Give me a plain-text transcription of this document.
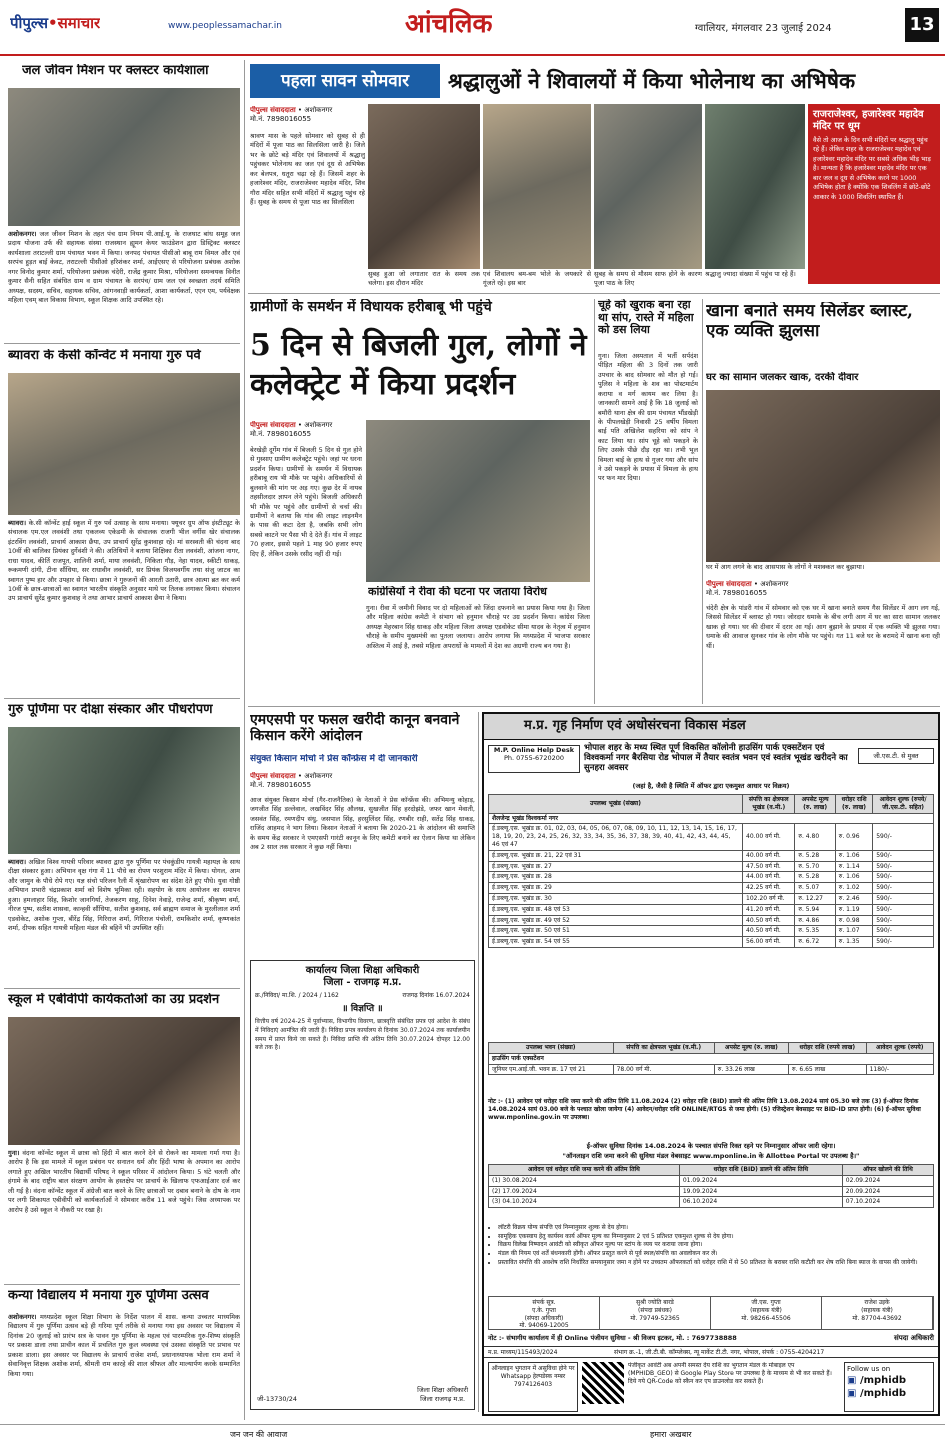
पीपुल्स•समाचार	www.peoplessamachar.in	आंचलिक	ग्वालियर, मंगलवार 23 जुलाई 2024	13
जल जीवन मिशन पर क्लस्टर कार्यशाला
अशोकनगर। जल जीवन मिशन के तहत पंच ग्राम नियम पी.आई.यू. के राजघाट बांध समूह जल प्रदाय योजना उर्फ की सहायक संस्था राजस्थान ह्यूमन केयर फाउंडेशन द्वारा डिस्ट्रिक्ट क्लस्टर कार्यशाला तराटल्ली ग्राम पंचायत भवन में किया। जनपद पंचायत पीसीओ बाबू राम विमल और एवं सरपंच हुड़त बाई केवट, तराटल्ली पीसीओ हरिशंकर शर्मा, आईएसए से परियोजना प्रबंधक अशोक नगर विनोद कुमार शर्मा, परियोजना प्रबंधक चंदेरी, राजेंद्र कुमार मिश्रा, परियोजना समन्वयक विनीत कुमार सैनी सहित संबंधित ग्राम व ग्राम पंचायत के सरपंच/ ग्राम जल एवं स्वच्छता तदर्थ समिति अध्यक्ष, सदस्य, सचिव, सहायक सचिव, आंगनवाड़ी कार्यकर्ता, आशा कार्यकर्ता, एएन एम, पर्यवेक्षक महिला एवम् बाल विकास विभाग, स्कूल शिक्षक आदि उपस्थित रहे।
ब्यावरा के केसी कॉन्वेंट में मनाया गुरु पर्व
ब्यावरा। के.सी कॉन्वेंट हाई स्कूल में गुरु पर्व उत्साह के साथ मनाया। फ्यूचर ग्रुप ऑफ इंस्टीट्यूट के संचालक एम.एल लववंशी तथा एकलव्य एकेडमी के संचालक राजगी भील वर्गीस खेर संचालक इंटरविंग लववंशी, प्राचार्य आकाश छैया, उप प्राचार्य सुरेंद्र कुशवाहा रहे। मां सरस्वती की चंदना बाद 10वीं की बालिका प्रियंका दुर्गेवंशी ने की। अतिथियों ने बताया शिक्षिका रीता लववंशी, आंजना नागर, राधा यादव, कीर्ति राजपूत, शालिनी शर्मा, माया लववंशी, निकिता गौड़, नेहा यादव, स्कीटी धाकड़, रूकमणी दांगी, टीना सौंधिया, सर राधावीन लववंशी, सर प्रियंक विजयवर्गीय तथा संजु जाटव का स्वागत पुष्प हार और उपहार से किया। छात्रा ने गुरुजनों की आरती उतारी, छात्र आत्मा ब्रत कर कर्म 10वीं के छात्र-छात्राओं का स्वागत भारतीय संस्कृति अनुसार माथे पर तिलक लगाकर किया। संचालन उप प्राचार्य सुरेंद्र कुमार कुशवाह ने तथा आभार प्राचार्य आकाश छैया ने किया।
गुरु पूर्णिमा पर दीक्षा संस्कार और पौधरोपण
ब्यावरा। अखिल विश्व गायत्री परिवार ब्यावरा द्वारा गुरु पूर्णिमा पर पंचकुंडीय गायत्री महायज्ञ के साथ दीक्षा संस्कार हुआ। अभियान वृक्ष गंगा में 11 पौधे का रोपण परशुराम मंदिर में किया। योगल, आम और जामुन के पौधे रोपे गए। यज्ञ संचो परिजन रैली में श्रृंखारोपण का संदेश देते हुए पौधे। युवा गोष्ठी अभियान प्रभारी चंद्रप्रकाश शर्मा को विशेष भूमिका रही। सहयोग के साथ आयोजन का समापन हुआ। हमलाहार सिंह, किशोर जानगिर्या, तेजकरण साहू, दिनेश नेवाड़े, राजेन्द्र शर्मा, श्रीकृष्ण वर्मा, नीरज पुष्प, सतीश शासवा, कान्हवी सौंधिया, सतीश कुशवाह, सर्व ब्राह्मण समाज के मुरलीलाल शर्मा एडवोकेट, अशोक गुप्ता, बीरेंद्र सिंह, गिरिराज शर्मा, गिरिराज पंचोली, रामकिशोर शर्मा, कृष्णकांत शर्मा, दीपक सहित गायत्री महिला मंडल की बहिनें भी उपस्थित रहीं।
स्कूल में एबीवीपी कार्यकर्ताओं का उग्र प्रदर्शन
गुना। वंदना कॉन्वेंट स्कूल में छात्रा को हिंदी में बात करने देने से रोकने का मामला गर्मा गया है। आरोप है कि इस मामले में स्कूल प्रबंधन पर सनातन धर्म और हिंदी भाषा के अपमान का आरोप लगाते हुए अखिल भारतीय विद्यार्थी परिषद ने स्कूल परिसर में आंदोलन किया। 5 घंटे चलती और हंगामे के बाद राष्ट्रीय बाल संरक्षण आयोग के हस्तक्षेप पर प्राचार्य के खिलाफ एफआईआर दर्ज कर ली गई है। वंदना कॉन्वेंट स्कूल में अंग्रेजी बात करने के लिए छात्राओं पर दबाव बनाने के दोष के नाम पर लगी शिकायत एबीवीपी को कार्यकर्ताओं ने सोमवार करीब 11 बजे पहुंचे। जिस अध्यापक पर आरोप है उसे स्कूल ने नौकरी पर रखा है।
कन्या विद्यालय में मनाया गुरु पूर्णिमा उत्सव
अशोकनगर। मध्यप्रदेश स्कूल शिक्षा विभाग के निर्देश पालन में शास. कन्या उच्चतर माध्यमिक विद्यालय में गुरु पूर्णिमा उत्सव बड़े ही गरिमा पूर्ण तरीके से मनाया गया इस अवसर पर विद्यालय में दिनांक 20 जुलाई को प्रारंभ सत्र के पावन गुरु पूर्णिमा के महत्व एवं पारम्परिक गुरु-शिष्य संस्कृति पर प्रकाश डाला तथा प्राचीन काल में प्रचलित गुरु कुल व्यवस्था एवं उसका संस्कृति पर प्रभाव पर प्रकाश डाला। इस अवसर पर विद्यालय के प्राचार्य राजेश शर्मा, प्रधानाध्यापक भोला राम शर्मा ने सेवानिवृत्त शिक्षक अशोक शर्मा, श्रीमती राम कारहे की शाल श्रीफल और माल्यार्पण करके सम्मानित किया गया।
पहला सावन सोमवार	श्रद्धालुओं ने शिवालयों में किया भोलेनाथ का अभिषेक
पीपुल्स संवाददाता • अशोकनगर
मो.नं. 7898016055
श्रावण मास के पहले सोमवार को सुबह से ही मंदिरों में पूजा पाठ का सिलसिला जारी है। जिले भर के छोटे बड़े मंदिर एवं शिवालयों में श्रद्धालु पहुंचकर भोलेनाथ का जल एवं दूध से अभिषेक कर बेलपत्र, धतूरा चढ़ा रहे हैं। जिसमें शहर के हजारेश्वर मंदिर, राजराजेश्वर महादेव मंदिर, शिव गौरा मंदिर सहित सभी मंदिरों में श्रद्धालु पहुंच रहे हैं। सुबह के समय से पूजा पाठ का सिलसिला
सुबह हुआ जो लगातार रात के समय तक चलेगा। इस दौरान मंदिर
एवं शिवालय बम-बम भोले के जयकारे से गूंजते रहे। इस बार
सुबह के समय से मौसम साफ होने के कारण पूजा पाठ के लिए
श्रद्धालु ज्यादा संख्या में पहुंच पा रहे हैं।
राजराजेश्वर, हजारेश्वर महादेव मंदिर पर धूम
वैसे तो आज के दिन सभी मंदिरों पर श्रद्धालु पहुंच रहे हैं। लेकिन शहर के राजराजेश्वर महादेव एवं हजारेश्वर महादेव मंदिर पर सबसे अधिक भीड़ भाड़ है। मान्यता है कि हजारेश्वर महादेव मंदिर पर एक बार जल व दूध से अभिषेक करने पर 1000 अभिषेक होता है क्योंकि एक शिवलिंग में छोटे-छोटे आकार के 1000 शिवलिंग स्थापित हैं।
ग्रामीणों के समर्थन में विधायक हरीबाबू भी पहुंचे
5 दिन से बिजली गुल, लोगों ने कलेक्ट्रेट में किया प्रदर्शन
पीपुल्स संवाददाता • अशोकनगर
मो.नं. 7898016055
बेरखेड़ी दूर्गेम गांव में बिजली 5 दिन से गुल होने से गुस्साए ग्रामीण कलेक्ट्रेट पहुंचे। जहां पर धरना प्रदर्शन किया। ग्रामीणों के समर्थन में विधायक हरीबाबू राय भी मौके पर पहुंचे। अधिकारियों से बुलवाने की मांग पर अड़ गए। कुछ देर में नायब तहसीलदार ज्ञापन लेने पहुंचे। बिजली अधिकारी भी मौके पर पहुंचे और ग्रामीणों से चर्चा की। ग्रामीणों ने बताया कि गांव की लाइट लाइनमैन के पास की कटा देता है, जबकि सभी लोग सबसे काटने पर पैसा भी दे देते हैं। गांव में लाइट 70 हजार, इससे पहले 1 माह 90 हजार रुपए दिए हैं, लेकिन उसके रसीद नहीं दी गई।
कांग्रेसियों ने रीवा की घटना पर जताया विरोध
गुना। रीवा में जमीनी विवाद पर दो महिलाओं को जिंदा दफनाने का प्रयास किया गया है। जिला और महिला कांग्रेस कमेटी ने संभाग को हनुमान चौराहे पर उग्र प्रदर्शन किया। कांग्रेस जिला अध्यक्ष मेहरबान सिंह धाकड़ और महिला जिला अध्यक्ष एडवोकेट सीमा यादव के नेतृत्व में हनुमान चौराहे के समीप मुख्यमंत्री का पुतला जलाया। आरोप लगाया कि मध्यप्रदेश में भाजपा सरकार अस्तित्व में आई है, तबसे महिला अपराधों के मामलों में देश का अग्रणी राज्य बन गया है।
चूहे को खुराक बना रहा था सांप, रास्ते में महिला को डस लिया
गुना। जिला अस्पताल में भर्ती सर्पदंश पीड़ित महिला की 3 दिनों तक जारी उपचार के बाद सोमवार को मौत हो गई। पुलिस ने महिला के शव का पोस्टमार्टम कराया व मर्ग कायम कर लिया है। जानकारी सामने आई है कि 18 जुलाई को बमौरी थाना क्षेत्र की ग्राम पंचायत भौंडखेड़ी के पीपलखेड़ी निवासी 25 वर्षीय विमला बाई पति अखिलेश सहरिया को सांप ने काट लिया था। सांप चूहे को पकड़ने के लिए उसके पीछे दौड़ रहा था। तभी भूल विमला बाई के हाथ से गुजर गया और सांप ने उसे पकड़ने के प्रयास में विमला के हाथ पर फन मार दिया।
खाना बनाते समय सिलेंडर ब्लास्ट, एक व्यक्ति झुलसा
घर का सामान जलकर खाक, दरकी दीवार
घर में आग लगने के बाद आसपास के लोगों ने मशक्कत कर बुझाया।
पीपुल्स संवाददाता • अशोकनगर
मो.नं. 7898016055
चंदेरी क्षेत्र के पांडरी गांव में सोमवार को एक घर में खाना बनाते समय गैस सिलेंडर में आग लग गई, जिससे सिलेंडर में ब्लास्ट हो गया। जोरदार धमाके के बीच लगी आग में घर का सारा सामान जलकर खाक हो गया। घर की दीवार में दरार आ गई। आग बुझाने के प्रयास में एक व्यक्ति भी झुलस गया। धमाके की आवाज सुनकर गांव के लोग मौके पर पहुंचे। गत 11 बजे घर के बरामदे में खाना बना रही थीं।
एमएसपी पर फसल खरीदी कानून बनवाने किसान करेंगे आंदोलन
संयुक्त किसान मोर्चा ने प्रेस कॉन्फ्रेंस में दी जानकारी
पीपुल्स संवाददाता • अशोकनगर
मो.नं. 7898016055
आज संयुक्त किसान मोर्चा (गैर-राजनैतिक) के नेताओं ने प्रेस कॉन्फ्रेंस की। अभिमन्यु कोहाड़, जगजीत सिंह डल्लेवाल, लखविंदर सिंह औलख, सुखजीत सिंह हरदोझंडे, जफर खान मेवाती, जसवंत सिंह, रमणदीप संधु, जसपाल सिंह, हरसुलिंदर सिंह, रणबीर राही, सतेंद्र सिंह धाकड़, राजिंद आहमद ने भाग लिया। किसान नेताओं ने बताया कि 2020-21 के आंदोलन की समाप्ति के समय केंद्र सरकार ने एमएसपी गारंटी कानून के लिए कमेटी बनाने का ऐलान किया था लेकिन अब 2 साल तक सरकार ने कुछ नहीं किया।
कार्यालय जिला शिक्षा अधिकारी
जिला - राजगढ़ म.प्र.
क्र./निविदा/ मा.शि. / 2024 / 1162	राजगढ़ दिनांक 16.07.2024
॥ विज्ञप्ति ॥
वित्तीय वर्ष 2024-25 में पूर्वाभ्यास, विभागीय विवरण, छात्रवृत्ति संबंधित प्रपत्र एवं आदेश के संबंध में निविदाएं आमंत्रित की जाती हैं। निविदा प्रपत्र कार्यालय से दिनांक 30.07.2024 तक कार्यालयीन समय में प्राप्त किये जा सकते हैं। निविदा प्राप्ति की अंतिम तिथि 30.07.2024 दोपहर 12.00 बजे तक है।
जिला शिक्षा अधिकारी
जिला राजगढ़ म.प्र.
जी-13730/24
म.प्र. गृह निर्माण एवं अधोसंरचना विकास मंडल
M.P. Online Help Desk
Ph. 0755-6720200
भोपाल शहर के मध्य स्थित पूर्ण विकसित कॉलोनी हाउसिंग पार्क एक्सटेंशन एवं विश्वकर्मा नगर बैरसिया रोड भोपाल में तैयार स्वतंत्र भवन एवं स्वतंत्र भूखंड खरीदने का सुनहरा अवसर
जी.एस.टी. से मुक्त
(जहां है, जैसी है स्थिति में ऑफर द्वारा एकमुश्त आधार पर विक्रय)
उपलब्ध भूखंड (संख्या)	संपत्ति का क्षेत्रफल भूखंड (व.मी.)	अपसेट मूल्य (रु. लाख)	धरोहर राशि (रु. लाख)	आवेदन शुल्क (रुपये/जी.एस.टी. सहित)
शैलजेन्द्र भूखंड विश्वकर्मा नगर				
ई.डब्ल्यू.एस. भूखंड क्र. 01, 02, 03, 04, 05, 06, 07, 08, 09, 10, 11, 12, 13, 14, 15, 16, 17, 18, 19, 20, 23, 24, 25, 26, 32, 33, 34, 35, 36, 37, 38, 39, 40, 41, 42, 43, 44, 45, 46 एवं 47	40.00 वर्ग मी.	रु. 4.80	रु. 0.96	590/-
ई.डब्ल्यू.एस. भूखंड क्र. 21, 22 एवं 31	40.00 वर्ग मी.	रु. 5.28	रु. 1.06	590/-
ई.डब्ल्यू.एस. भूखंड क्र. 27	47.50 वर्ग मी.	रु. 5.70	रु. 1.14	590/-
ई.डब्ल्यू.एस. भूखंड क्र. 28	44.00 वर्ग मी.	रु. 5.28	रु. 1.06	590/-
ई.डब्ल्यू.एस. भूखंड क्र. 29	42.25 वर्ग मी.	रु. 5.07	रु. 1.02	590/-
ई.डब्ल्यू.एस. भूखंड क्र. 30	102.20 वर्ग मी.	रु. 12.27	रु. 2.46	590/-
ई.डब्ल्यू.एस. भूखंड क्र. 48 एवं 53	41.20 वर्ग मी.	रु. 5.94	रु. 1.19	590/-
ई.डब्ल्यू.एस. भूखंड क्र. 49 एवं 52	40.50 वर्ग मी.	रु. 4.86	रु. 0.98	590/-
ई.डब्ल्यू.एस. भूखंड क्र. 50 एवं 51	40.50 वर्ग मी.	रु. 5.35	रु. 1.07	590/-
ई.डब्ल्यू.एस. भूखंड क्र. 54 एवं 55	56.00 वर्ग मी.	रु. 6.72	रु. 1.35	590/-
उपलब्ध भवन (संख्या)	संपत्ति का क्षेत्रफल भूखंड (व.मी.)	अपसेट मूल्य (रु. लाख)	धरोहर राशि (रुपये लाख)	आवेदन शुल्क (रुपये)
हाउसिंग पार्क एक्सटेंशन				
जूनियर एम.आई.जी. भवन क्र. 17 एवं 21	78.00 वर्ग मी.	रु. 33.26 लाख	रु. 6.65 लाख	1180/-
नोट :- (1) आवेदन एवं धरोहर राशि जमा करने की अंतिम तिथि 11.08.2024 (2) धरोहर राशि (BID) डालने की अंतिम तिथि 13.08.2024 सायं 05.30 बजे तक (3) ई-ऑफर दिनांक 14.08.2024 सायं 03.00 बजे के पश्चात खोला जायेगा (4) आवेदन/धरोहर राशि ONLINE/RTGS से जमा होगी। (5) रजिस्ट्रेशन बेवसाइट पर BID-ID प्राप्त होगी। (6) ई-ऑफर सुविधा www.mponline.gov.in पर उपलब्ध।
ई-ऑफर सुविधा दिनांक 14.08.2024 के पश्चात संपत्ति रिक्त रहने पर निम्नानुसार ऑफर जारी रहेगा।
"ऑनलाइन राशि जमा करने की सुविधा मंडल वेबसाइट www.mponline.in के Allottee Portal पर उपलब्ध है।"
आवेदन एवं धरोहर राशि जमा करने की अंतिम तिथि	धरोहर राशि (BID) डालने की अंतिम तिथि	ऑफर खोलने की तिथि
(1) 30.08.2024	01.09.2024	02.09.2024
(2) 17.09.2024	19.09.2024	20.09.2024
(3) 04.10.2024	06.10.2024	07.10.2024
• लॉटरी विक्रय योग्य संपत्ति एवं निम्नानुसार शुल्क से देय होगा।
• सामूहिक एकस्वाय हेतु कार्यस्थ कार्य ऑफर मूल्य का निम्नानुसार 2 एवं 5 प्रतिशत एकमुश्त शुल्क से देय होगा।
• विक्रय विलेख निष्पादन आवंटी को स्वीकृत ऑफर मूल्य पर स्टांप के व्यय पर कराया जाना होगा।
• मंडल की नियम एवं शर्तें बंधनकारी होंगी। ऑफर प्रस्तुत करने से पूर्व स्थल/संपत्ति का अवलोकन कर लें।
• प्रस्तावित संपत्ति की अवशेष राशि निर्धारित समयानुसार जमा न होने पर उच्चतम ऑफरकर्ता को धरोहर राशि में से 50 प्रतिशत के बराबर राशि कटौती कर शेष राशि बिना ब्याज के वापस की जायेगी।
संपर्क सूत्र.
ए.के. गुप्ता
(संपदा अधिकारी)
मो. 94069-12005
सुश्री ज्योति बारडे
(संपदा प्रबंधक)
मो. 79749-52365
जी.एस. गुप्ता
(सहायक यंत्री)
मो. 98266-45506
राजेश उइके
(सहायक यंत्री)
मो. 87704-43692
नोट :- संभागीय कार्यालय में ही Online पंजीयन सुविधा - श्री विजय इटकर, मो. : 7697738888	संपदा अधिकारी
म.प्र. माध्यम/115493/2024	संभाग क्र.-1, जी.टी.बी. कॉम्प्लेक्स, न्यू मार्केट टी.टी. नगर, भोपाल, संपर्क : 0755-4204217
ऑनलाइन भुगतान में असुविधा होने पर Whatsapp हेल्पडेस्क नम्बर 7974126403
पंजीकृत आवंटी अब अपनी समस्त देय राशि का भुगतान मंडल के मोबाइल एप (MPHIDB_GEO) से Google Play Store पर उपलब्ध है के माध्यम से भी कर सकते हैं। दिये गये QR-Code को स्कैन कर एप डाउनलोड कर सकते हैं।
Follow us on
▣ /mphidb
▣ /mphidb
जन जन की आवाज	हमारा अखबार
